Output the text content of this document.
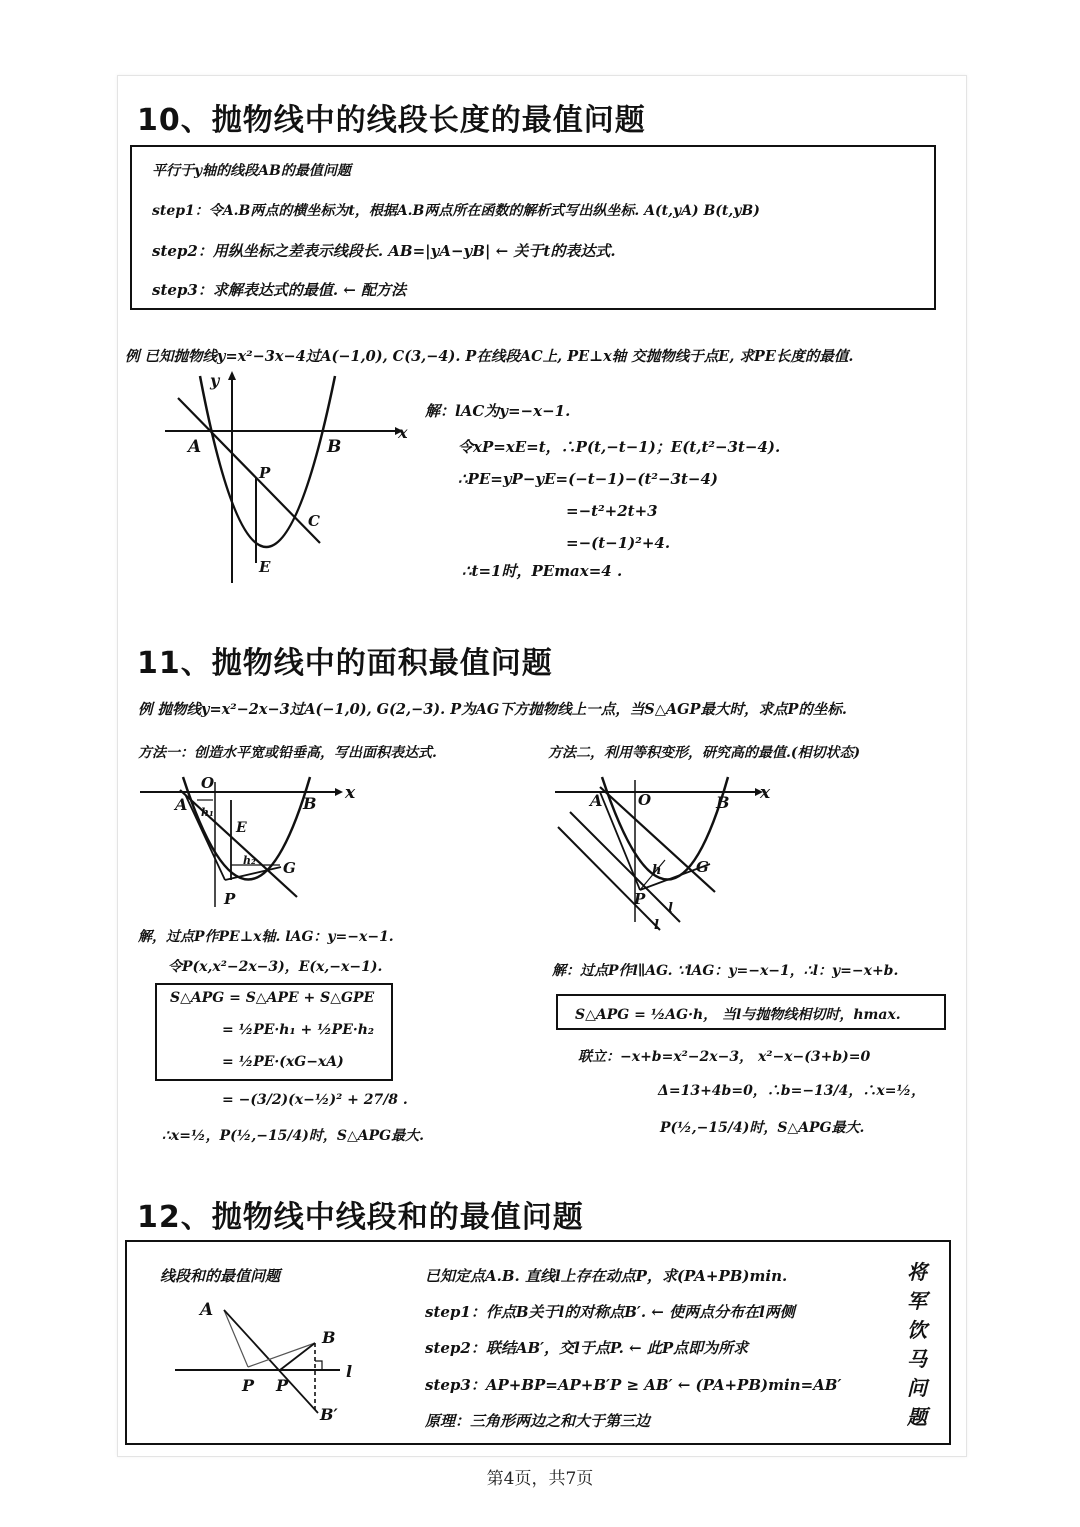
10、抛物线中的线段长度的最值问题
平行于y轴的线段AB的最值问题
step1：令A.B两点的横坐标为t，根据A.B两点所在函数的解析式写出纵坐标. A(t,yA) B(t,yB)
step2：用纵坐标之差表示线段长. AB=|yA−yB| ← 关于t的表达式.
step3：求解表达式的最值. ← 配方法
例 已知抛物线y=x²−3x−4过A(−1,0), C(3,−4). P在线段AC上, PE⊥x轴 交抛物线于点E, 求PE长度的最值.
x
y
A	B
P
C
E
解：lAC为y=−x−1.
令xP=xE=t，∴P(t,−t−1)；E(t,t²−3t−4).
∴PE=yP−yE=(−t−1)−(t²−3t−4)
=−t²+2t+3
=−(t−1)²+4.
∴t=1时，PEmax=4 .
11、抛物线中的面积最值问题
例 抛物线y=x²−2x−3过A(−1,0), G(2,−3). P为AG下方抛物线上一点，当S△AGP最大时，求点P的坐标.
方法一：创造水平宽或铅垂高，写出面积表达式.	方法二，利用等积变形，研究高的最值.(相切状态)
x
O
A	B
E
G
P
h₁
h₂
x
O
A	B
G
P
h
l
l
解，过点P作PE⊥x轴. lAG：y=−x−1.
令P(x,x²−2x−3)，E(x,−x−1).
S△APG = S△APE + S△GPE
= ½PE·h₁ + ½PE·h₂
= ½PE·(xG−xA)
= −(3/2)(x−½)² + 27/8 .
∴x=½，P(½,−15/4)时，S△APG最大.
解：过点P作l∥AG. ∵lAG：y=−x−1，∴l：y=−x+b.
S△APG = ½AG·h， 当l与抛物线相切时，hmax.
联立：−x+b=x²−2x−3， x²−x−(3+b)=0
Δ=13+4b=0，∴b=−13/4，∴x=½，
P(½,−15/4)时，S△APG最大.
12、抛物线中线段和的最值问题
线段和的最值问题
A
B
B′
P P
l
已知定点A.B. 直线l上存在动点P，求(PA+PB)min.
step1：作点B关于l的对称点B′. ← 使两点分布在l两侧
step2：联结AB′，交l于点P. ← 此P点即为所求
step3：AP+BP=AP+B′P ≥ AB′ ← (PA+PB)min=AB′
原理：三角形两边之和大于第三边
将军饮马问题
第4页，共7页
